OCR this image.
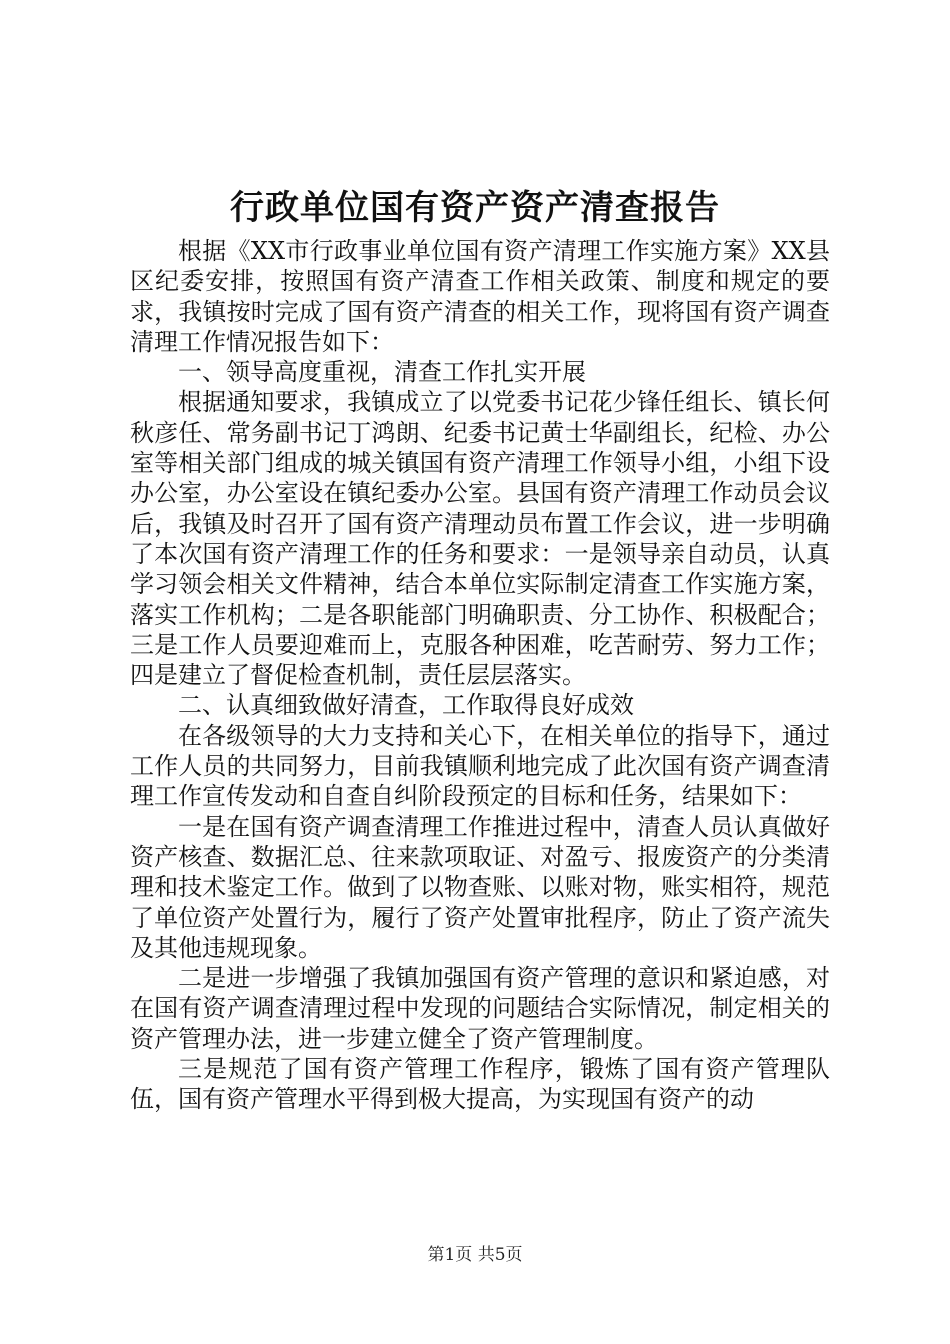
行政单位国有资产资产清查报告

根据《XX市行政事业单位国有资产清理工作实施方案》XX县区纪委安排，按照国有资产清查工作相关政策、制度和规定的要求，我镇按时完成了国有资产清查的相关工作，现将国有资产调查清理工作情况报告如下：

一、领导高度重视，清查工作扎实开展

根据通知要求，我镇成立了以党委书记花少锋任组长、镇长何秋彦任、常务副书记丁鸿朗、纪委书记黄士华副组长，纪检、办公室等相关部门组成的城关镇国有资产清理工作领导小组，小组下设办公室，办公室设在镇纪委办公室。县国有资产清理工作动员会议后，我镇及时召开了国有资产清理动员布置工作会议，进一步明确了本次国有资产清理工作的任务和要求：一是领导亲自动员，认真学习领会相关文件精神，结合本单位实际制定清查工作实施方案，落实工作机构；二是各职能部门明确职责、分工协作、积极配合；三是工作人员要迎难而上，克服各种困难，吃苦耐劳、努力工作；四是建立了督促检查机制，责任层层落实。

二、认真细致做好清查，工作取得良好成效

在各级领导的大力支持和关心下，在相关单位的指导下，通过工作人员的共同努力，目前我镇顺利地完成了此次国有资产调查清理工作宣传发动和自查自纠阶段预定的目标和任务，结果如下：

一是在国有资产调查清理工作推进过程中，清查人员认真做好资产核查、数据汇总、往来款项取证、对盈亏、报废资产的分类清理和技术鉴定工作。做到了以物查账、以账对物，账实相符，规范了单位资产处置行为，履行了资产处置审批程序，防止了资产流失及其他违规现象。

二是进一步增强了我镇加强国有资产管理的意识和紧迫感，对在国有资产调查清理过程中发现的问题结合实际情况，制定相关的资产管理办法，进一步建立健全了资产管理制度。

三是规范了国有资产管理工作程序，锻炼了国有资产管理队伍，国有资产管理水平得到极大提高，为实现国有资产的动

第1页 共5页
